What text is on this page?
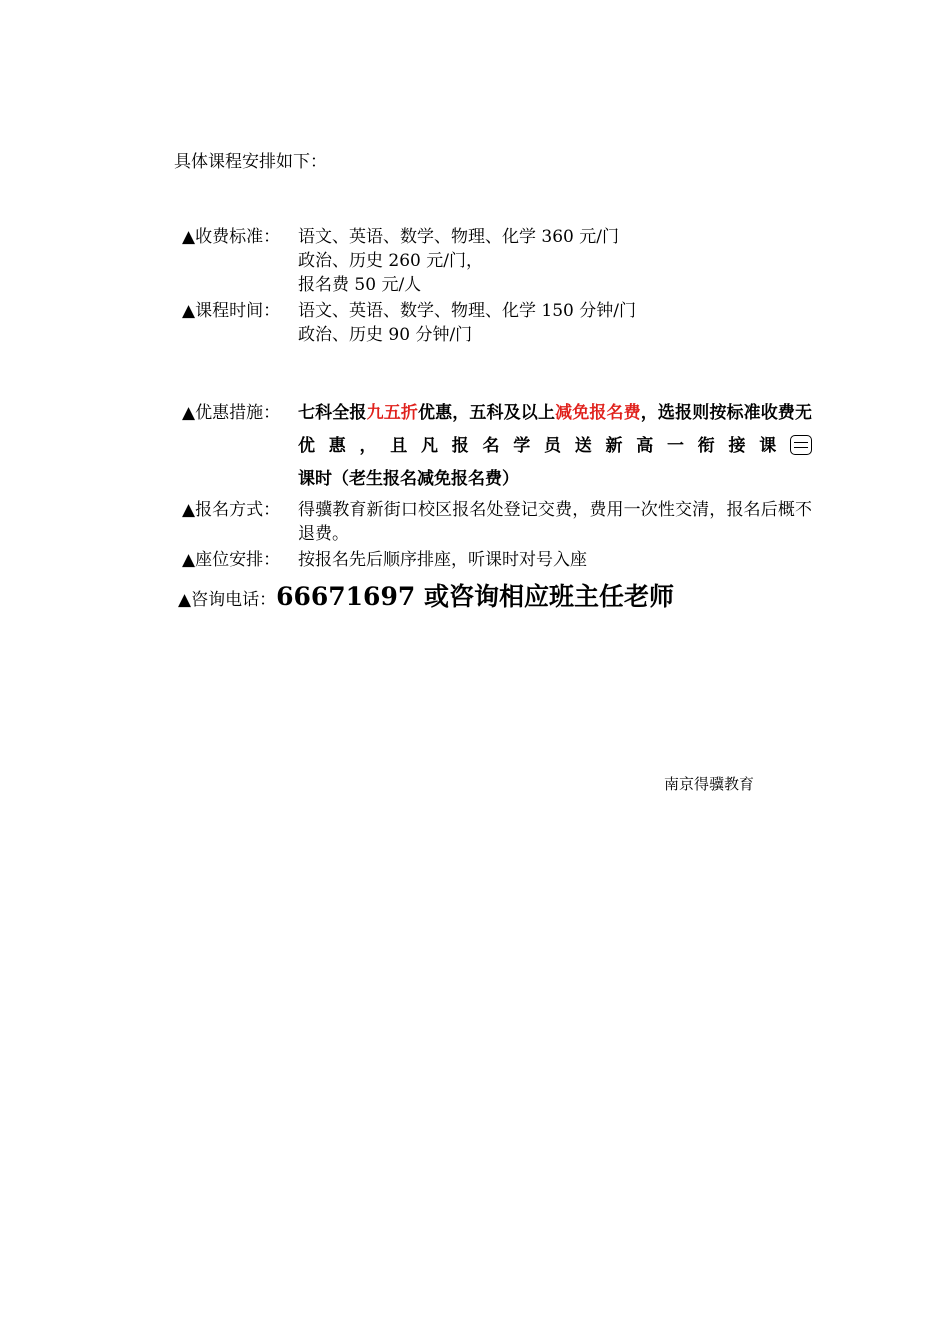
具体课程安排如下：
▲收费标准：	语文、英语、数学、物理、化学 360 元/门
政治、历史 260 元/门，
报名费 50 元/人
▲课程时间：	语文、英语、数学、物理、化学 150 分钟/门
政治、历史 90 分钟/门
▲优惠措施：	七科全报九五折优惠，五科及以上减免报名费，选报则按标准收费无优惠，且凡报名学员送新高一衔接课课时（老生报名减免报名费）
▲报名方式：	得骥教育新街口校区报名处登记交费，费用一次性交清，报名后概不退费。
▲座位安排：	按报名先后顺序排座，听课时对号入座
▲咨询电话：66671697 或咨询相应班主任老师
南京得骥教育
